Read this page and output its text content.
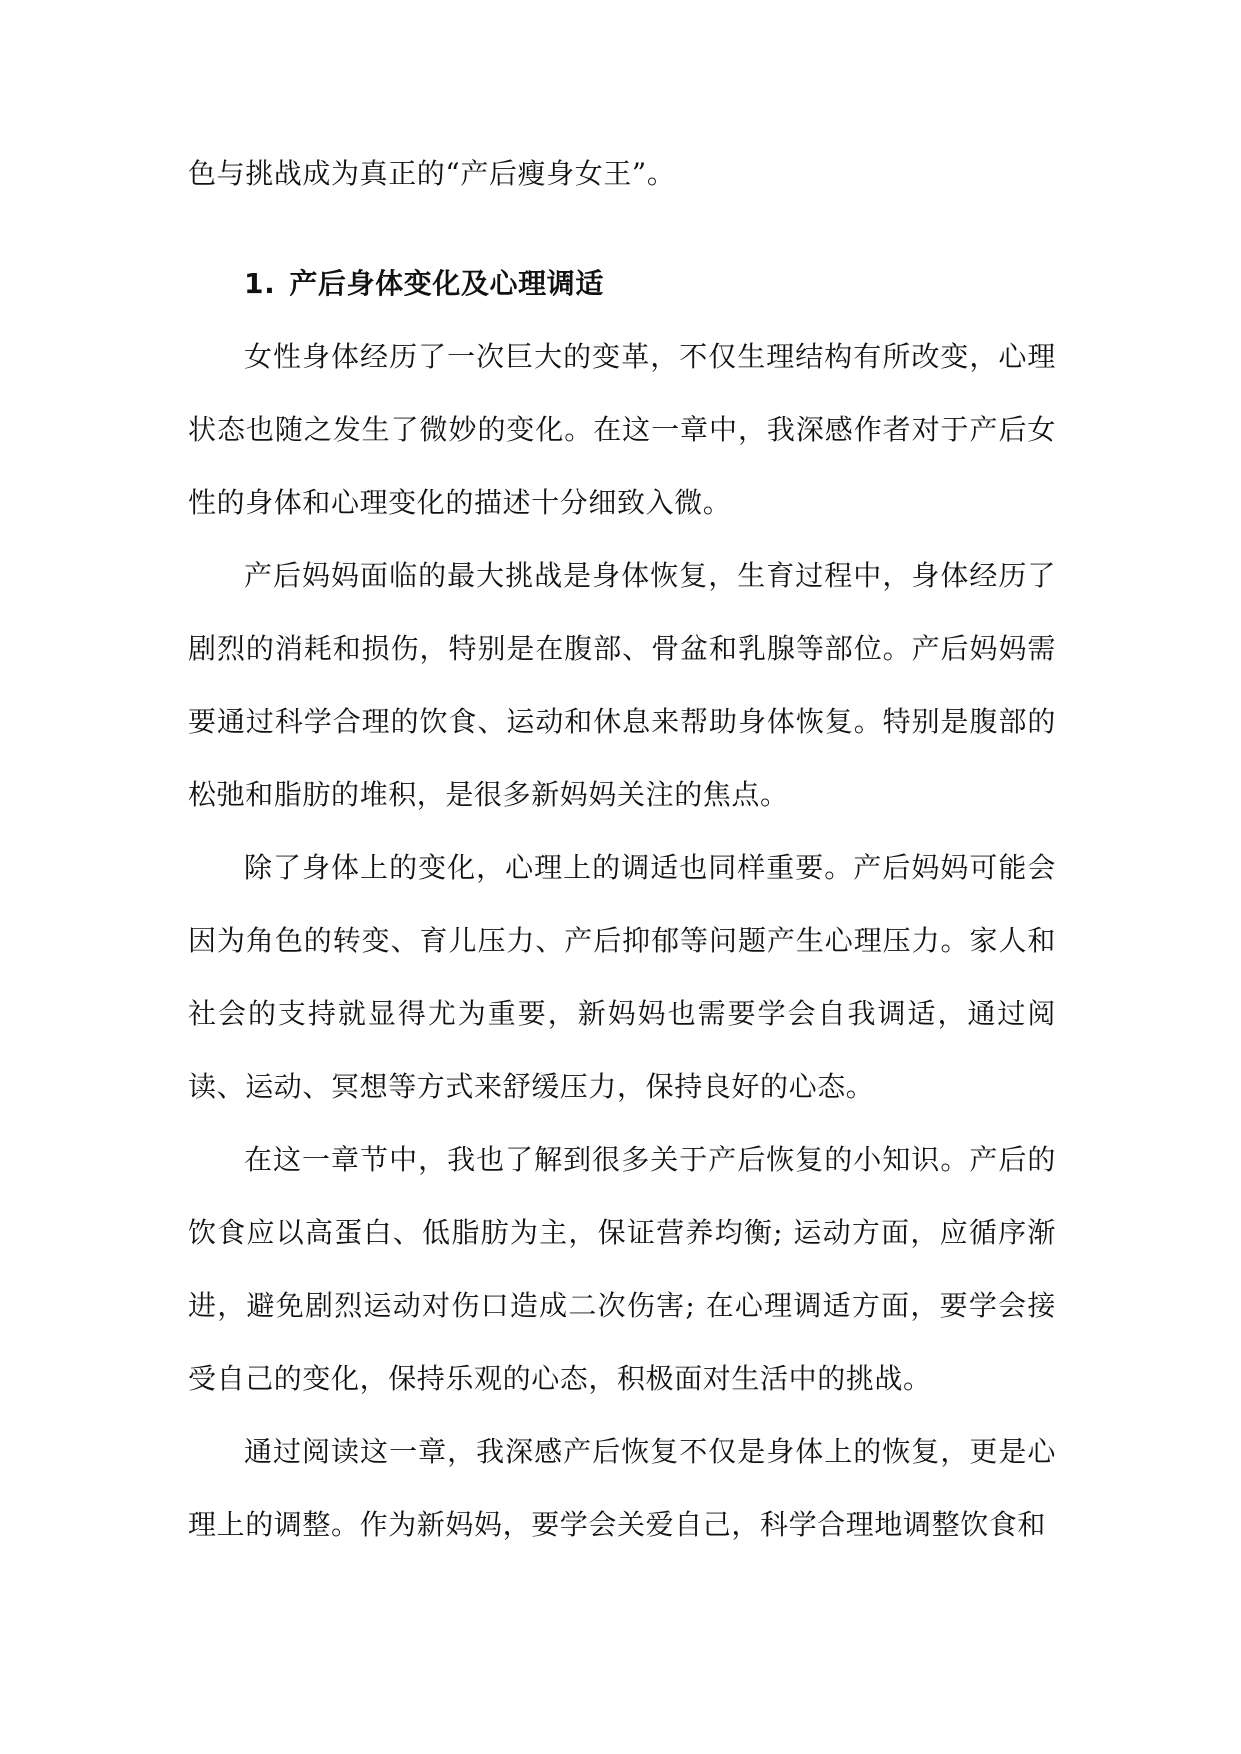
色与挑战成为真正的“产后瘦身女王”。

1. 产后身体变化及心理调适

女性身体经历了一次巨大的变革，不仅生理结构有所改变，心理状态也随之发生了微妙的变化。在这一章中，我深感作者对于产后女性的身体和心理变化的描述十分细致入微。

产后妈妈面临的最大挑战是身体恢复，生育过程中，身体经历了剧烈的消耗和损伤，特别是在腹部、骨盆和乳腺等部位。产后妈妈需要通过科学合理的饮食、运动和休息来帮助身体恢复。特别是腹部的松弛和脂肪的堆积，是很多新妈妈关注的焦点。

除了身体上的变化，心理上的调适也同样重要。产后妈妈可能会因为角色的转变、育儿压力、产后抑郁等问题产生心理压力。家人和社会的支持就显得尤为重要，新妈妈也需要学会自我调适，通过阅读、运动、冥想等方式来舒缓压力，保持良好的心态。

在这一章节中，我也了解到很多关于产后恢复的小知识。产后的饮食应以高蛋白、低脂肪为主，保证营养均衡; 运动方面，应循序渐进，避免剧烈运动对伤口造成二次伤害; 在心理调适方面，要学会接受自己的变化，保持乐观的心态，积极面对生活中的挑战。

通过阅读这一章，我深感产后恢复不仅是身体上的恢复，更是心理上的调整。作为新妈妈，要学会关爱自己，科学合理地调整饮食和
